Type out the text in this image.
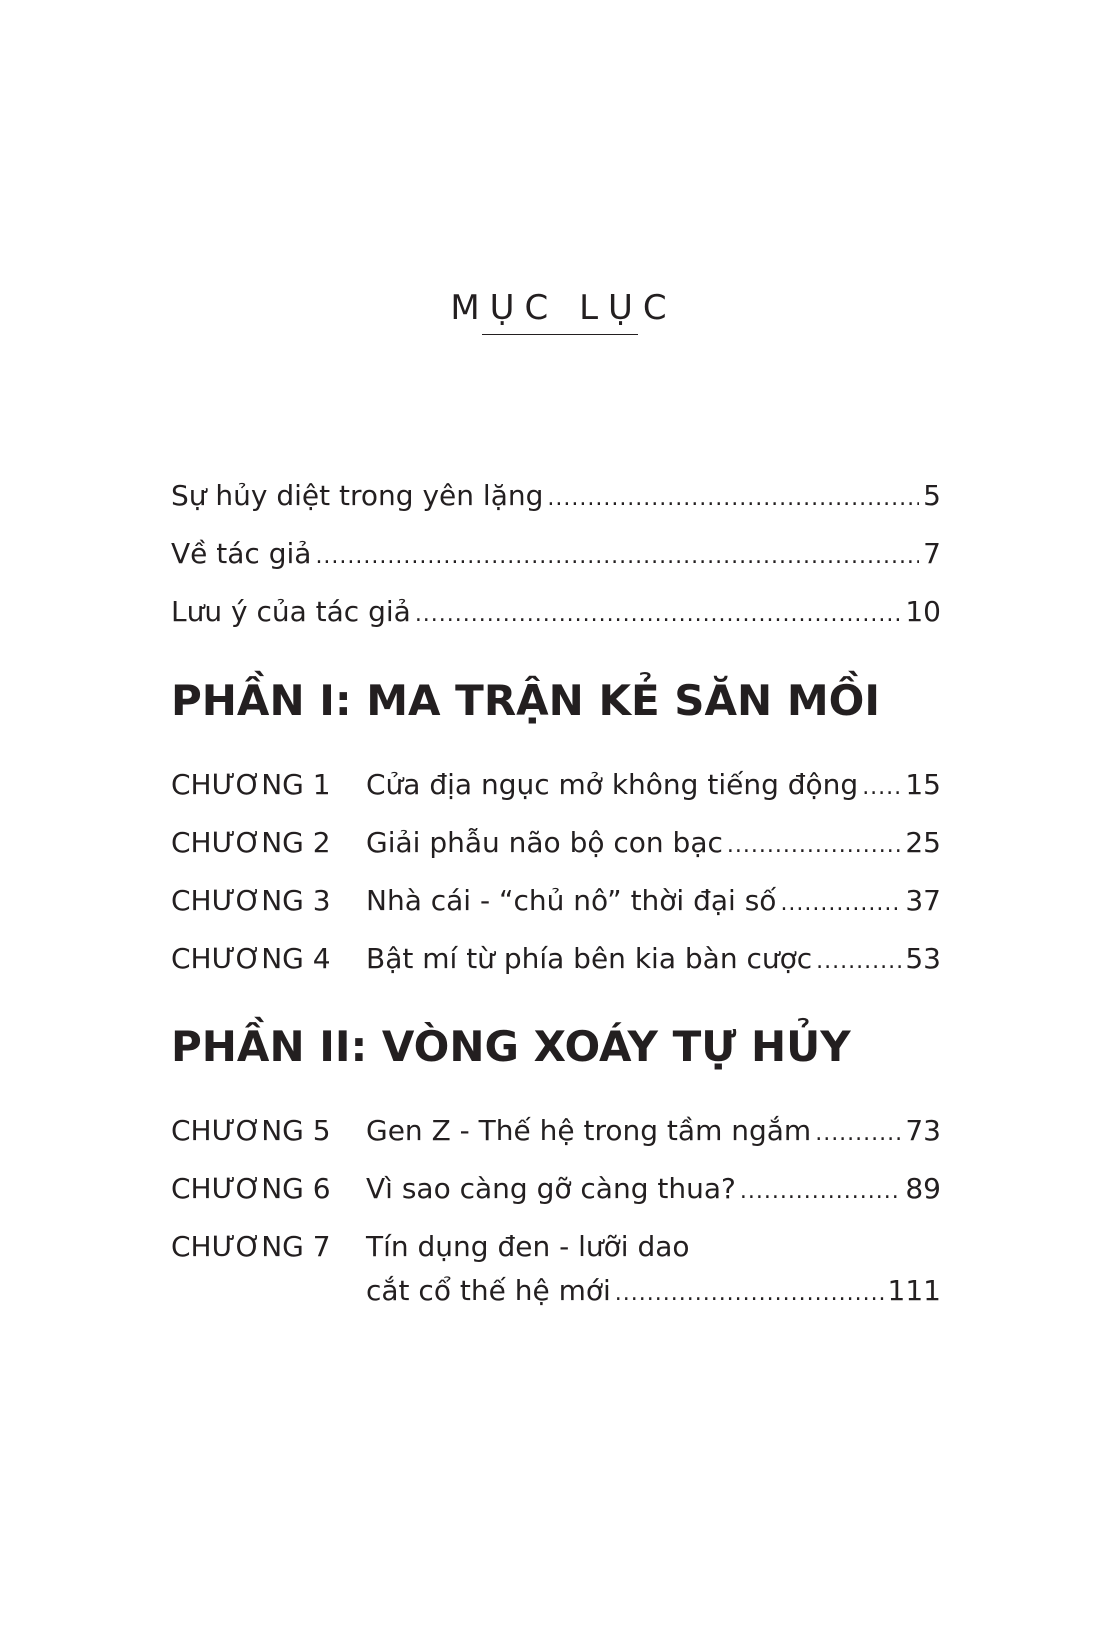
MỤC LỤC
Sự hủy diệt trong yên lặng .....	5
Về tác giả .....	7
Lưu ý của tác giả .....	10
PHẦN I: MA TRẬN KẺ SĂN MỒI
CHƯƠNG 1 Cửa địa ngục mở không tiếng động ..... 15
CHƯƠNG 2 Giải phẫu não bộ con bạc .....	25
CHƯƠNG 3 Nhà cái - “chủ nô” thời đại số .....	37
CHƯƠNG 4 Bật mí từ phía bên kia bàn cược .....	53
PHẦN II: VÒNG XOÁY TỰ HỦY
CHƯƠNG 5 Gen Z - Thế hệ trong tầm ngắm .....	73
CHƯƠNG 6 Vì sao càng gỡ càng thua? .....	89
CHƯƠNG 7 Tín dụng đen - lưỡi dao
cắt cổ thế hệ mới .....	111
